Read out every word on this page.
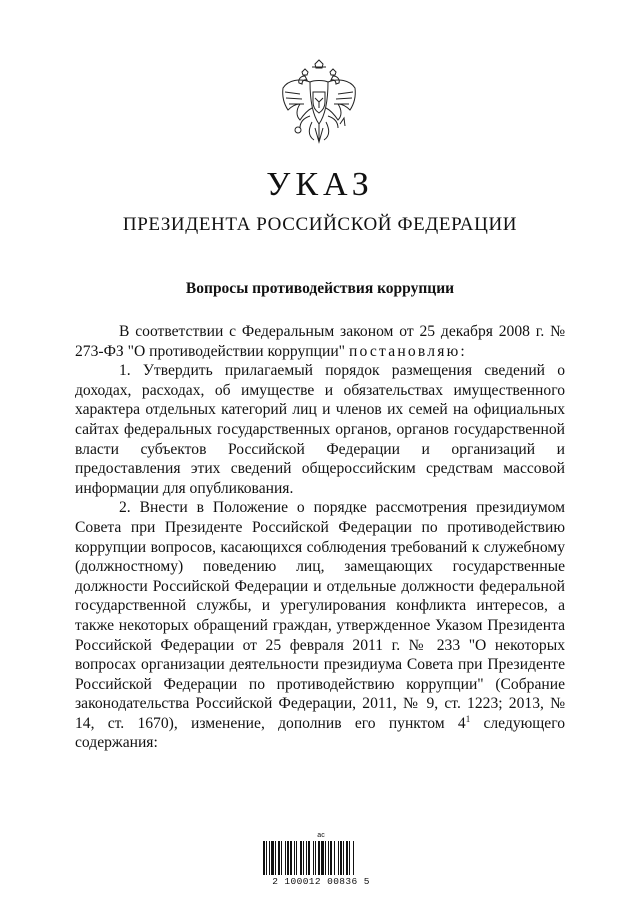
УКАЗ
ПРЕЗИДЕНТА РОССИЙСКОЙ ФЕДЕРАЦИИ
Вопросы противодействия коррупции

В соответствии с Федеральным законом от 25 декабря 2008 г. № 273-ФЗ "О противодействии коррупции" постановляю:

1. Утвердить прилагаемый порядок размещения сведений о доходах, расходах, об имуществе и обязательствах имущественного характера отдельных категорий лиц и членов их семей на официальных сайтах федеральных государственных органов, органов государственной власти субъектов Российской Федерации и организаций и предоставления этих сведений общероссийским средствам массовой информации для опубликования.

2. Внести в Положение о порядке рассмотрения президиумом Совета при Президенте Российской Федерации по противодействию коррупции вопросов, касающихся соблюдения требований к служебному (должностному) поведению лиц, замещающих государственные должности Российской Федерации и отдельные должности федеральной государственной службы, и урегулирования конфликта интересов, а также некоторых обращений граждан, утвержденное Указом Президента Российской Федерации от 25 февраля 2011 г. № 233 "О некоторых вопросах организации деятельности президиума Совета при Президенте Российской Федерации по противодействию коррупции" (Собрание законодательства Российской Федерации, 2011, № 9, ст. 1223; 2013, № 14, ст. 1670), изменение, дополнив его пунктом $4^1$ следующего содержания:

ac
2 100012 00836 5
